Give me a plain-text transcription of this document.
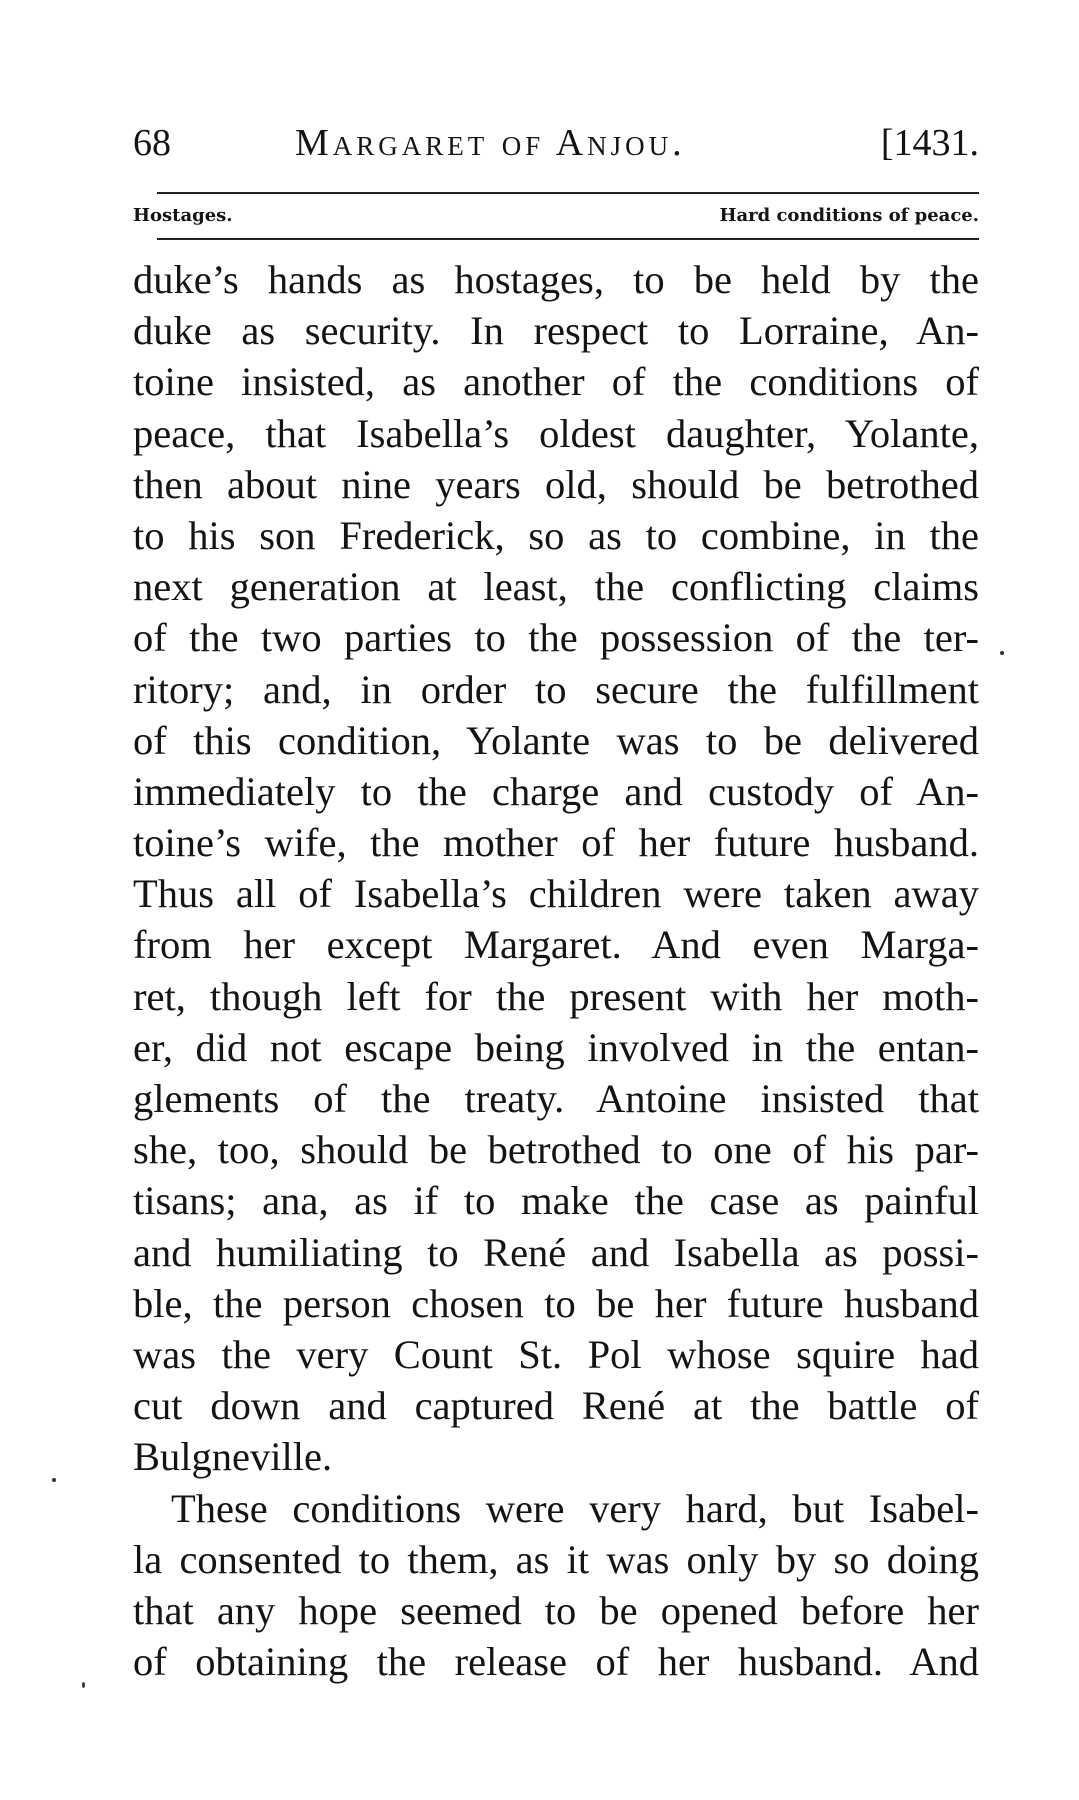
68	Margaret of Anjou.	[1431.
Hostages.	Hard conditions of peace.
duke’s hands as hostages, to be held by the
duke as security. In respect to Lorraine, An-
toine insisted, as another of the conditions of
peace, that Isabella’s oldest daughter, Yolante,
then about nine years old, should be betrothed
to his son Frederick, so as to combine, in the
next generation at least, the conflicting claims
of the two parties to the possession of the ter-
ritory; and, in order to secure the fulfillment
of this condition, Yolante was to be delivered
immediately to the charge and custody of An-
toine’s wife, the mother of her future husband.
Thus all of Isabella’s children were taken away
from her except Margaret. And even Marga-
ret, though left for the present with her moth-
er, did not escape being involved in the entan-
glements of the treaty. Antoine insisted that
she, too, should be betrothed to one of his par-
tisans; ana, as if to make the case as painful
and humiliating to René and Isabella as possi-
ble, the person chosen to be her future husband
was the very Count St. Pol whose squire had
cut down and captured René at the battle of
Bulgneville.
These conditions were very hard, but Isabel-
la consented to them, as it was only by so doing
that any hope seemed to be opened before her
of obtaining the release of her husband. And
